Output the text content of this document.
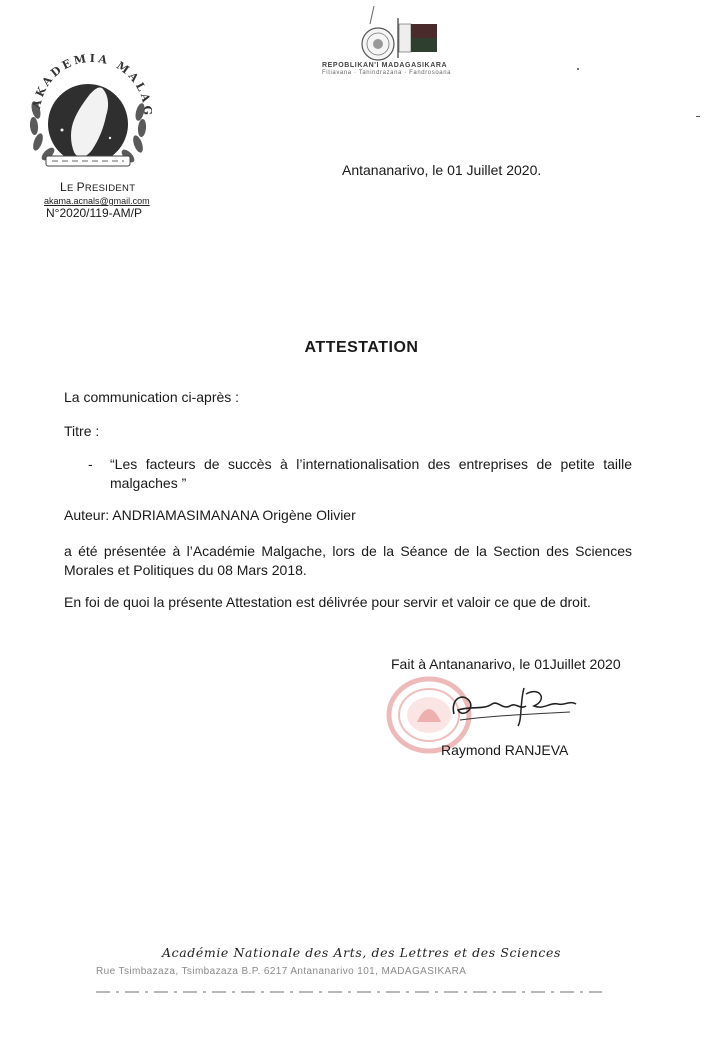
AKADEMIA MALA
REPOBLIKAN'I MADAGASIKARA
Fitiavana · Tanindrazana · Fandrosoana
Antananarivo, le 01 Juillet 2020.
LE PRESIDENT
akama.acnals@gmail.com
N°2020/119-AM/P
ATTESTATION
La communication ci-après :
Titre :
- “Les facteurs de succès à l’internationalisation des entreprises de petite taille malgaches ”
Auteur: ANDRIAMASIMANANA Origène Olivier
a été présentée à l’Académie Malgache, lors de la Séance de la Section des Sciences Morales et Politiques du 08 Mars 2018.
En foi de quoi la présente Attestation est délivrée pour servir et valoir ce que de droit.
Fait à Antananarivo, le 01Juillet 2020
Raymond RANJEVA
Académie Nationale des Arts, des Lettres et des Sciences
Rue Tsimbazaza, Tsimbazaza B.P. 6217 Antananarivo 101, MADAGASIKARA
